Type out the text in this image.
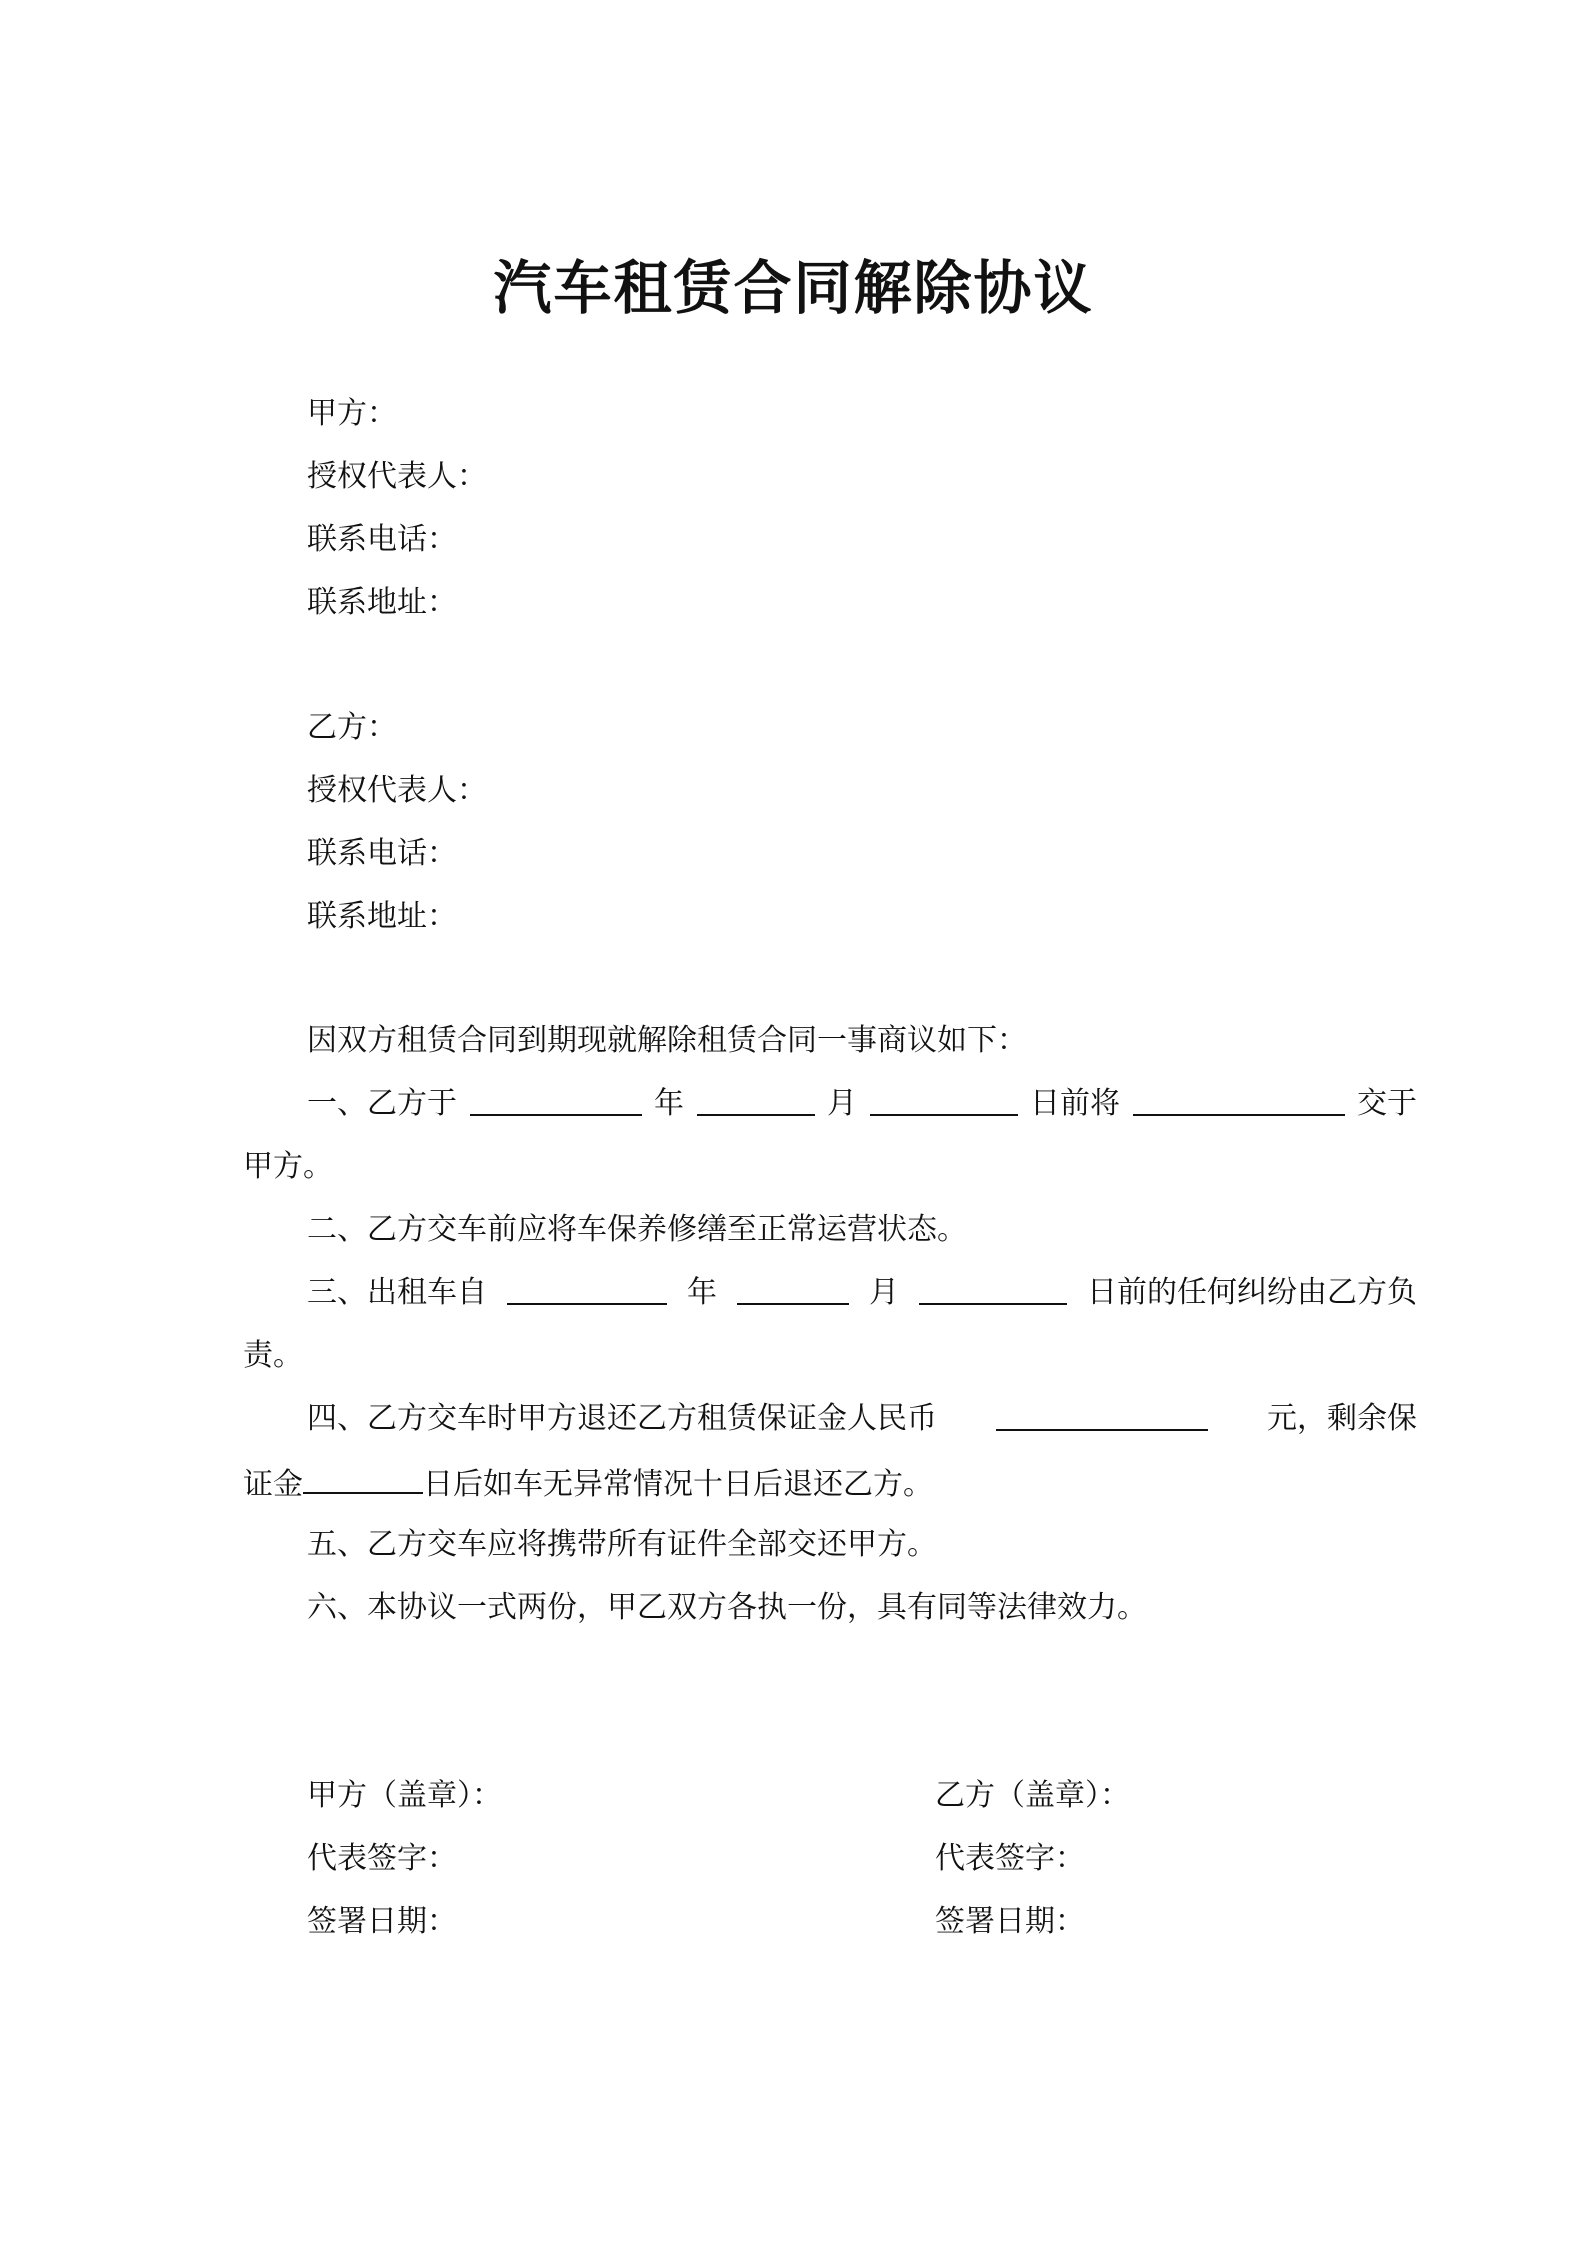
汽车租赁合同解除协议
甲方：
授权代表人：
联系电话：
联系地址：
乙方：
授权代表人：
联系电话：
联系地址：
因双方租赁合同到期现就解除租赁合同一事商议如下：
一、乙方于	年	月	日前将	交于
甲方。
二、乙方交车前应将车保养修缮至正常运营状态。
三、出租车自	年	月	日前的任何纠纷由乙方负
责。
四、乙方交车时甲方退还乙方租赁保证金人民币	元，剩余保
证金	日后如车无异常情况十日后退还乙方。
五、乙方交车应将携带所有证件全部交还甲方。
六、本协议一式两份，甲乙双方各执一份，具有同等法律效力。
甲方（盖章）：
代表签字：
签署日期：
乙方（盖章）：
代表签字：
签署日期：
